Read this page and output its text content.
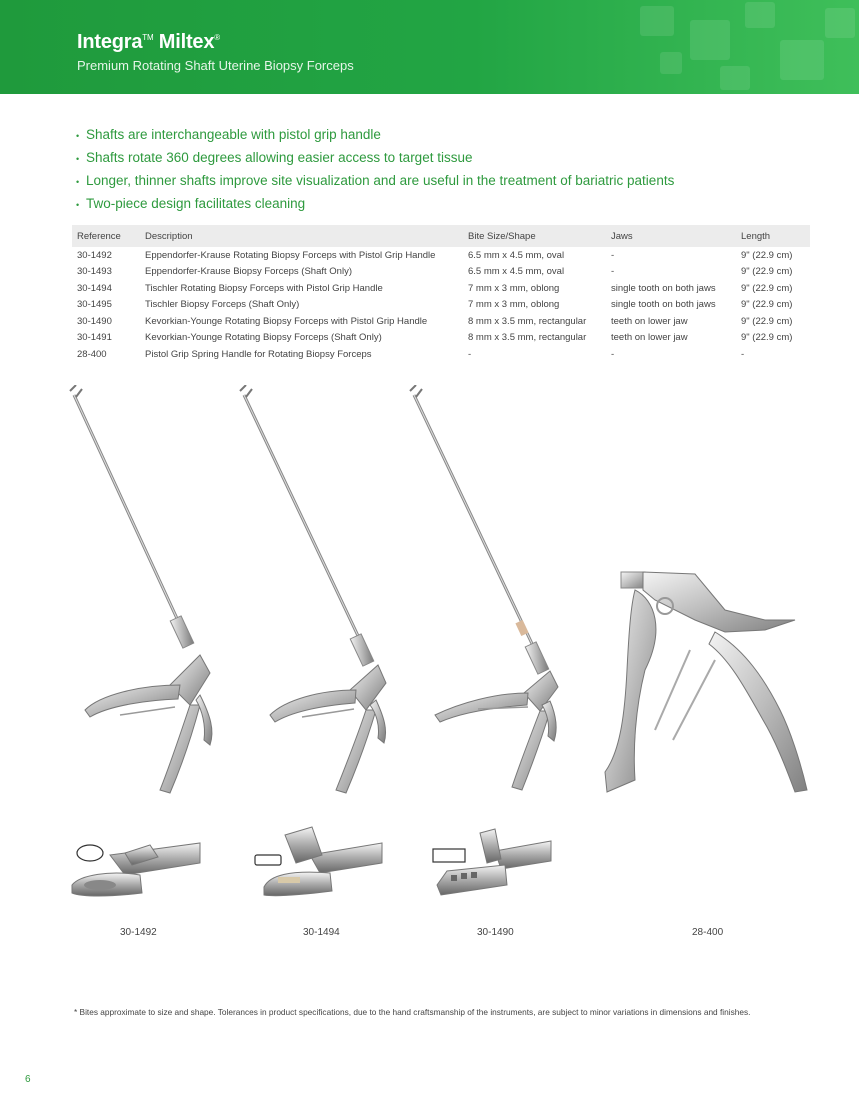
Integra™ Miltex®
Premium Rotating Shaft Uterine Biopsy Forceps
• Shafts are interchangeable with pistol grip handle
• Shafts rotate 360 degrees allowing easier access to target tissue
• Longer, thinner shafts improve site visualization and are useful in the treatment of bariatric patients
• Two-piece design facilitates cleaning
Reference	Description	Bite Size/Shape	Jaws	Length
30-1492	Eppendorfer-Krause Rotating Biopsy Forceps with Pistol Grip Handle	6.5 mm x 4.5 mm, oval	-	9" (22.9 cm)
30-1493	Eppendorfer-Krause Biopsy Forceps (Shaft Only)	6.5 mm x 4.5 mm, oval	-	9" (22.9 cm)
30-1494	Tischler Rotating Biopsy Forceps with Pistol Grip Handle	7 mm x 3 mm, oblong	single tooth on both jaws	9" (22.9 cm)
30-1495	Tischler Biopsy Forceps (Shaft Only)	7 mm x 3 mm, oblong	single tooth on both jaws	9" (22.9 cm)
30-1490	Kevorkian-Younge Rotating Biopsy Forceps with Pistol Grip Handle	8 mm x 3.5 mm, rectangular	teeth on lower jaw	9" (22.9 cm)
30-1491	Kevorkian-Younge Rotating Biopsy Forceps (Shaft Only)	8 mm x 3.5 mm, rectangular	teeth on lower jaw	9" (22.9 cm)
28-400	Pistol Grip Spring Handle for Rotating Biopsy Forceps	-	-	-
30-1492	30-1494	30-1490	28-400
* Bites approximate to size and shape. Tolerances in product specifications, due to the hand craftsmanship of the instruments, are subject to minor variations in dimensions and finishes.
6
